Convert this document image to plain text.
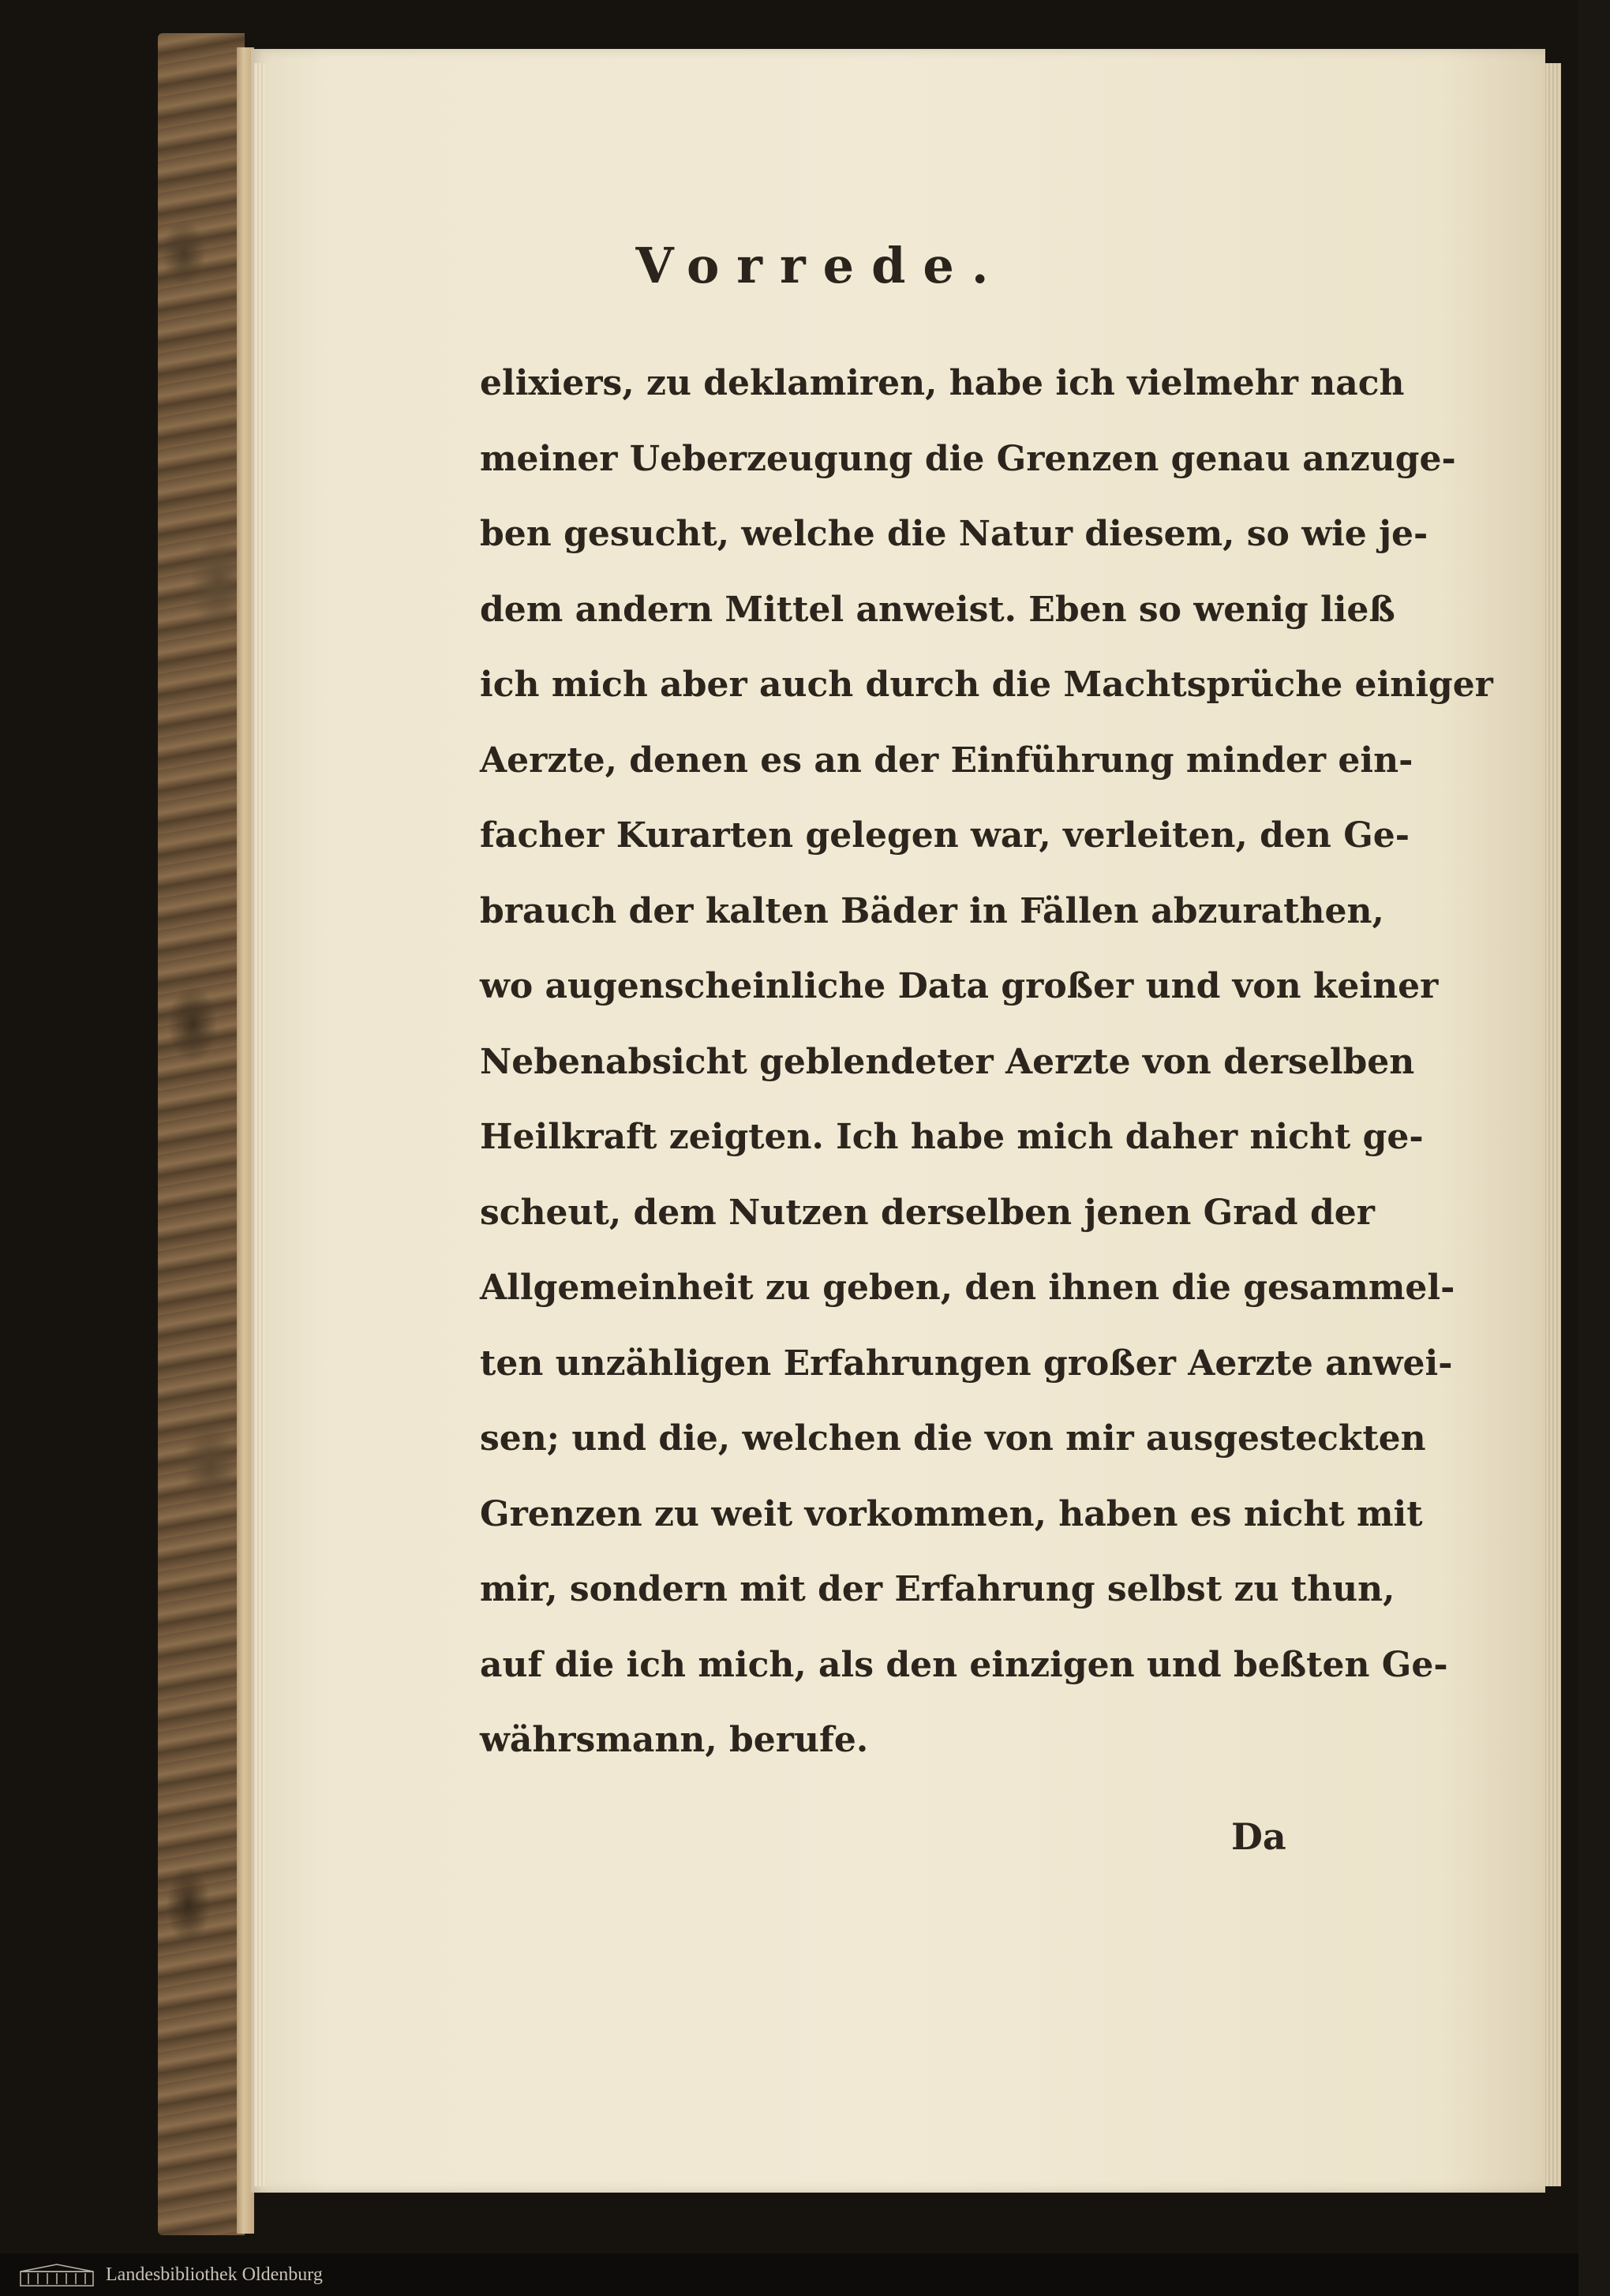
Vorrede.
elixiers, zu deklamiren, habe ich vielmehr nach
meiner Ueberzeugung die Grenzen genau anzuge-
ben gesucht, welche die Natur diesem, so wie je-
dem andern Mittel anweist. Eben so wenig ließ
ich mich aber auch durch die Machtsprüche einiger
Aerzte, denen es an der Einführung minder ein-
facher Kurarten gelegen war, verleiten, den Ge-
brauch der kalten Bäder in Fällen abzurathen,
wo augenscheinliche Data großer und von keiner
Nebenabsicht geblendeter Aerzte von derselben
Heilkraft zeigten. Ich habe mich daher nicht ge-
scheut, dem Nutzen derselben jenen Grad der
Allgemeinheit zu geben, den ihnen die gesammel-
ten unzähligen Erfahrungen großer Aerzte anwei-
sen; und die, welchen die von mir ausgesteckten
Grenzen zu weit vorkommen, haben es nicht mit
mir, sondern mit der Erfahrung selbst zu thun,
auf die ich mich, als den einzigen und beßten Ge-
währsmann, berufe.
Da
Landesbibliothek Oldenburg
